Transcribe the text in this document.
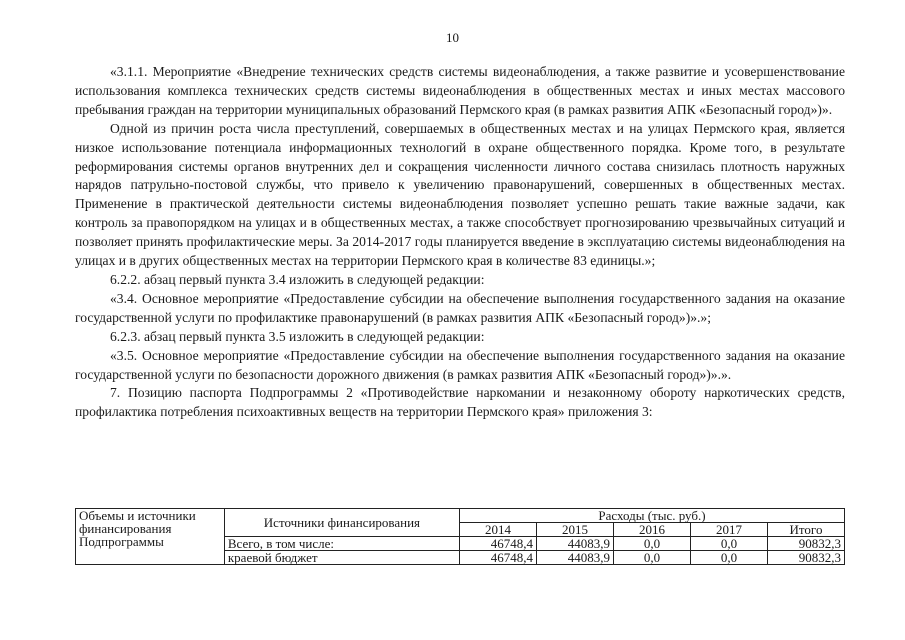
10

«3.1.1. Мероприятие «Внедрение технических средств системы видеонаблюдения, а также развитие и усовершенствование использования комплекса технических средств системы видеонаблюдения в общественных местах и иных местах массового пребывания граждан на территории муниципальных образований Пермского края (в рамках развития АПК «Безопасный город»)».

Одной из причин роста числа преступлений, совершаемых в общественных местах и на улицах Пермского края, является низкое использование потенциала информационных технологий в охране общественного порядка. Кроме того, в результате реформирования системы органов внутренних дел и сокращения численности личного состава снизилась плотность наружных нарядов патрульно-постовой службы, что привело к увеличению правонарушений, совершенных в общественных местах. Применение в практической деятельности системы видеонаблюдения позволяет успешно решать такие важные задачи, как контроль за правопорядком на улицах и в общественных местах, а также способствует прогнозированию чрезвычайных ситуаций и позволяет принять профилактические меры. За 2014-2017 годы планируется введение в эксплуатацию системы видеонаблюдения на улицах и в других общественных местах на территории Пермского края в количестве 83 единицы.»;

6.2.2. абзац первый пункта 3.4 изложить в следующей редакции:

«3.4. Основное мероприятие «Предоставление субсидии на обеспечение выполнения государственного задания на оказание государственной услуги по профилактике правонарушений (в рамках развития АПК «Безопасный город»)».»;

6.2.3. абзац первый пункта 3.5 изложить в следующей редакции:

«3.5. Основное мероприятие «Предоставление субсидии на обеспечение выполнения государственного задания на оказание государственной услуги по безопасности дорожного движения (в рамках развития АПК «Безопасный город»)».».

7. Позицию паспорта Подпрограммы 2 «Противодействие наркомании и незаконному обороту наркотических средств, профилактика потребления психоактивных веществ на территории Пермского края» приложения 3:

Объемы и источники финансирования Подпрограммы	Источники финансирования	Расходы (тыс. руб.)				
		2014	2015	2016	2017	Итого
	Всего, в том числе:	46748,4	44083,9	0,0	0,0	90832,3
	краевой бюджет	46748,4	44083,9	0,0	0,0	90832,3
